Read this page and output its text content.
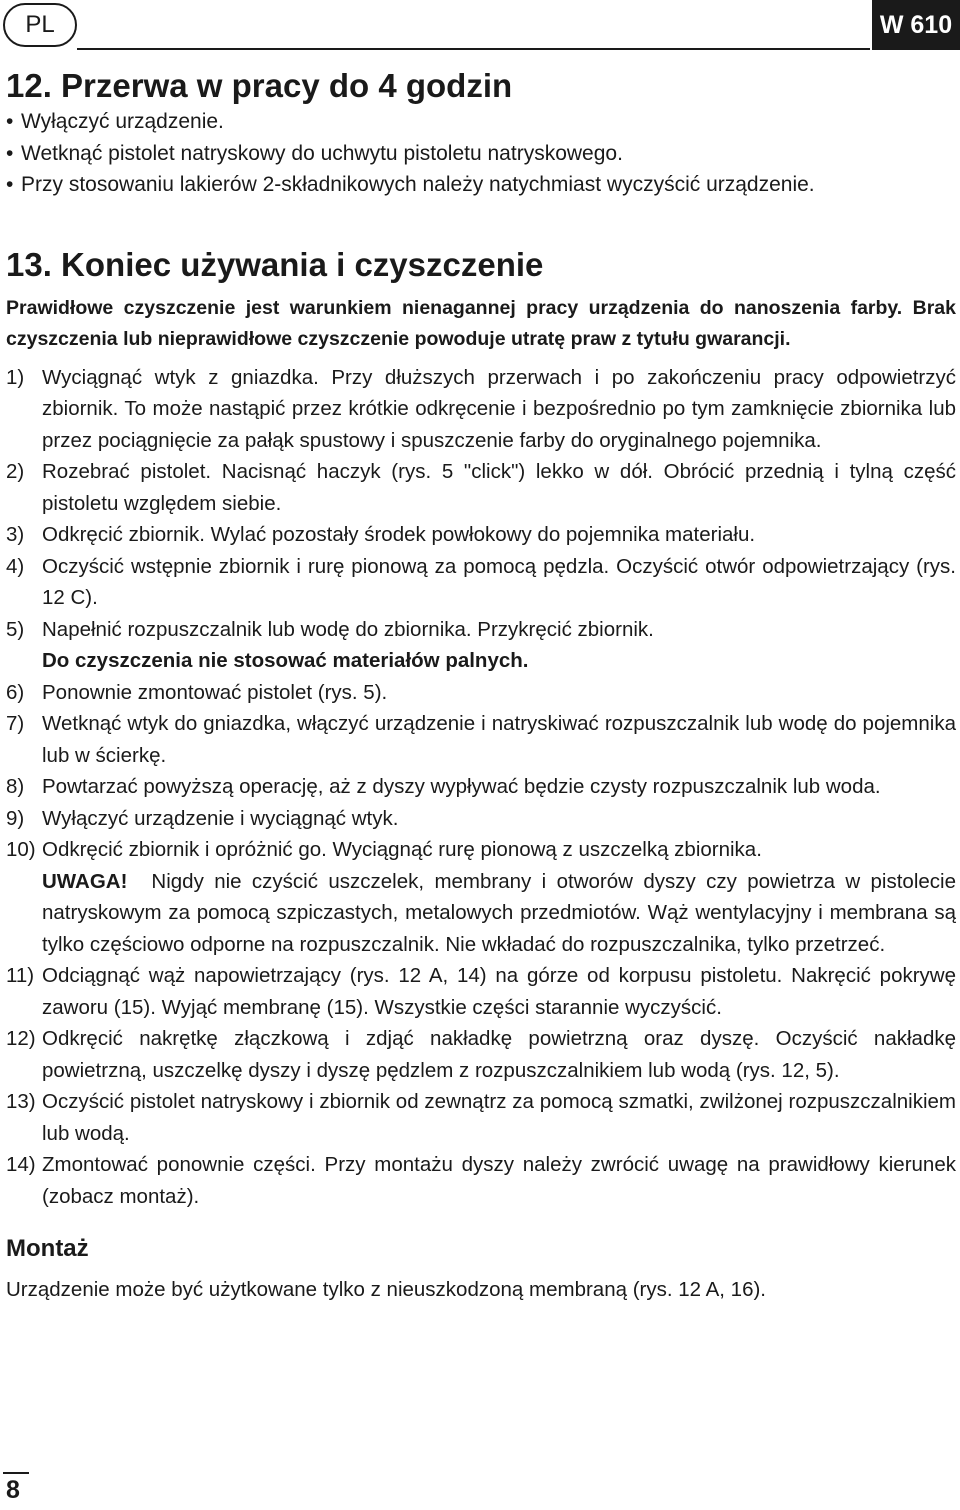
PL	W 610
12. Przerwa w pracy do 4 godzin
• Wyłączyć urządzenie.
• Wetknąć pistolet natryskowy do uchwytu pistoletu natryskowego.
• Przy stosowaniu lakierów 2-składnikowych należy natychmiast wyczyścić urządzenie.
13. Koniec używania i czyszczenie

Prawidłowe czyszczenie jest warunkiem nienagannej pracy urządzenia do nanoszenia farby. Brak czyszczenia lub nieprawidłowe czyszczenie powoduje utratę praw z tytułu gwarancji.

1) Wyciągnąć wtyk z gniazdka. Przy dłuższych przerwach i po zakończeniu pracy odpowietrzyć zbiornik. To może nastąpić przez krótkie odkręcenie i bezpośrednio po tym zamknięcie zbiornika lub przez pociągnięcie za pałąk spustowy i spuszczenie farby do oryginalnego pojemnika.
2) Rozebrać pistolet. Nacisnąć haczyk (rys. 5 "click") lekko w dół. Obrócić przednią i tylną część pistoletu względem siebie.
3) Odkręcić zbiornik. Wylać pozostały środek powłokowy do pojemnika materiału.
4) Oczyścić wstępnie zbiornik i rurę pionową za pomocą pędzla. Oczyścić otwór odpowietrzający (rys. 12 C).
5) Napełnić rozpuszczalnik lub wodę do zbiornika. Przykręcić zbiornik.
Do czyszczenia nie stosować materiałów palnych.
6) Ponownie zmontować pistolet (rys. 5).
7) Wetknąć wtyk do gniazdka, włączyć urządzenie i natryskiwać rozpuszczalnik lub wodę do pojemnika lub w ścierkę.
8) Powtarzać powyższą operację, aż z dyszy wypływać będzie czysty rozpuszczalnik lub woda.
9) Wyłączyć urządzenie i wyciągnąć wtyk.
10) Odkręcić zbiornik i opróżnić go. Wyciągnąć rurę pionową z uszczelką zbiornika.
UWAGA! Nigdy nie czyścić uszczelek, membrany i otworów dyszy czy powietrza w pistolecie natryskowym za pomocą szpiczastych, metalowych przedmiotów. Wąż wentylacyjny i membrana są tylko częściowo odporne na rozpuszczalnik. Nie wkładać do rozpuszczalnika, tylko przetrzeć.
11) Odciągnąć wąż napowietrzający (rys. 12 A, 14) na górze od korpusu pistoletu. Nakręcić pokrywę zaworu (15). Wyjąć membranę (15). Wszystkie części starannie wyczyścić.
12) Odkręcić nakrętkę złączkową i zdjąć nakładkę powietrzną oraz dyszę. Oczyścić nakładkę powietrzną, uszczelkę dyszy i dyszę pędzlem z rozpuszczalnikiem lub wodą (rys. 12, 5).
13) Oczyścić pistolet natryskowy i zbiornik od zewnątrz za pomocą szmatki, zwilżonej rozpuszczalnikiem lub wodą.
14) Zmontować ponownie części. Przy montażu dyszy należy zwrócić uwagę na prawidłowy kierunek (zobacz montaż).
Montaż

Urządzenie może być użytkowane tylko z nieuszkodzoną membraną (rys. 12 A, 16).

8
